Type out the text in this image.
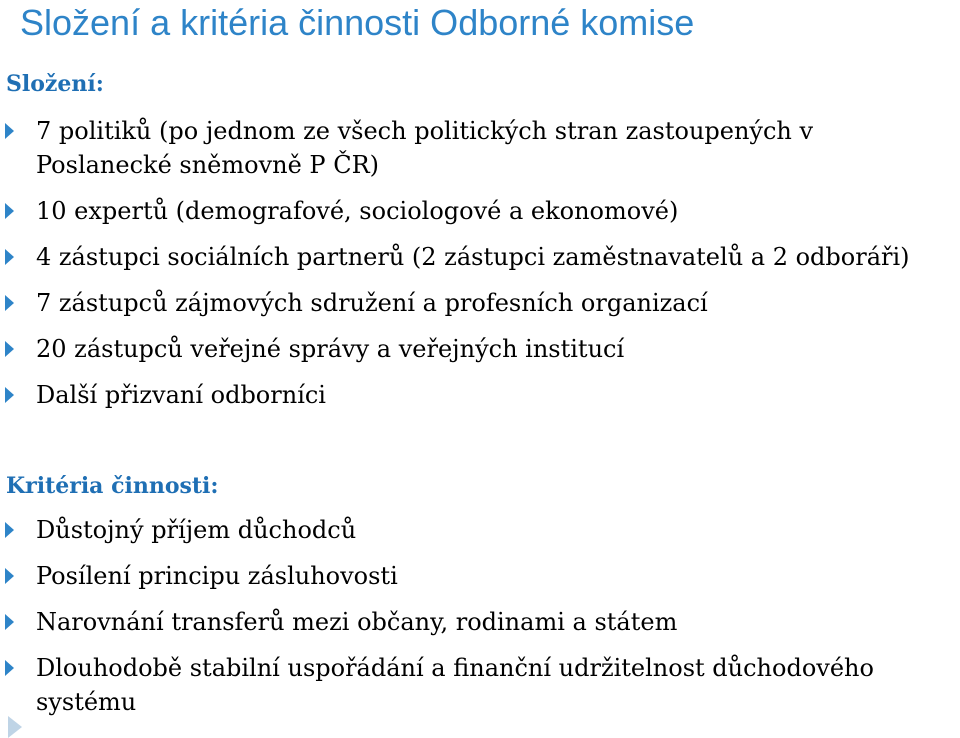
Složení a kritéria činnosti Odborné komise
Složení:
7 politiků (po jednom ze všech politických stran zastoupených v Poslanecké sněmovně P ČR)
10 expertů (demografové, sociologové a ekonomové)
4 zástupci sociálních partnerů (2 zástupci zaměstnavatelů a 2 odboráři)
7 zástupců zájmových sdružení a profesních organizací
20 zástupců veřejné správy a veřejných institucí
Další přizvaní odborníci
Kritéria činnosti:
Důstojný příjem důchodců
Posílení principu zásluhovosti
Narovnání transferů mezi občany, rodinami a státem
Dlouhodobě stabilní uspořádání a finanční udržitelnost důchodového systému
